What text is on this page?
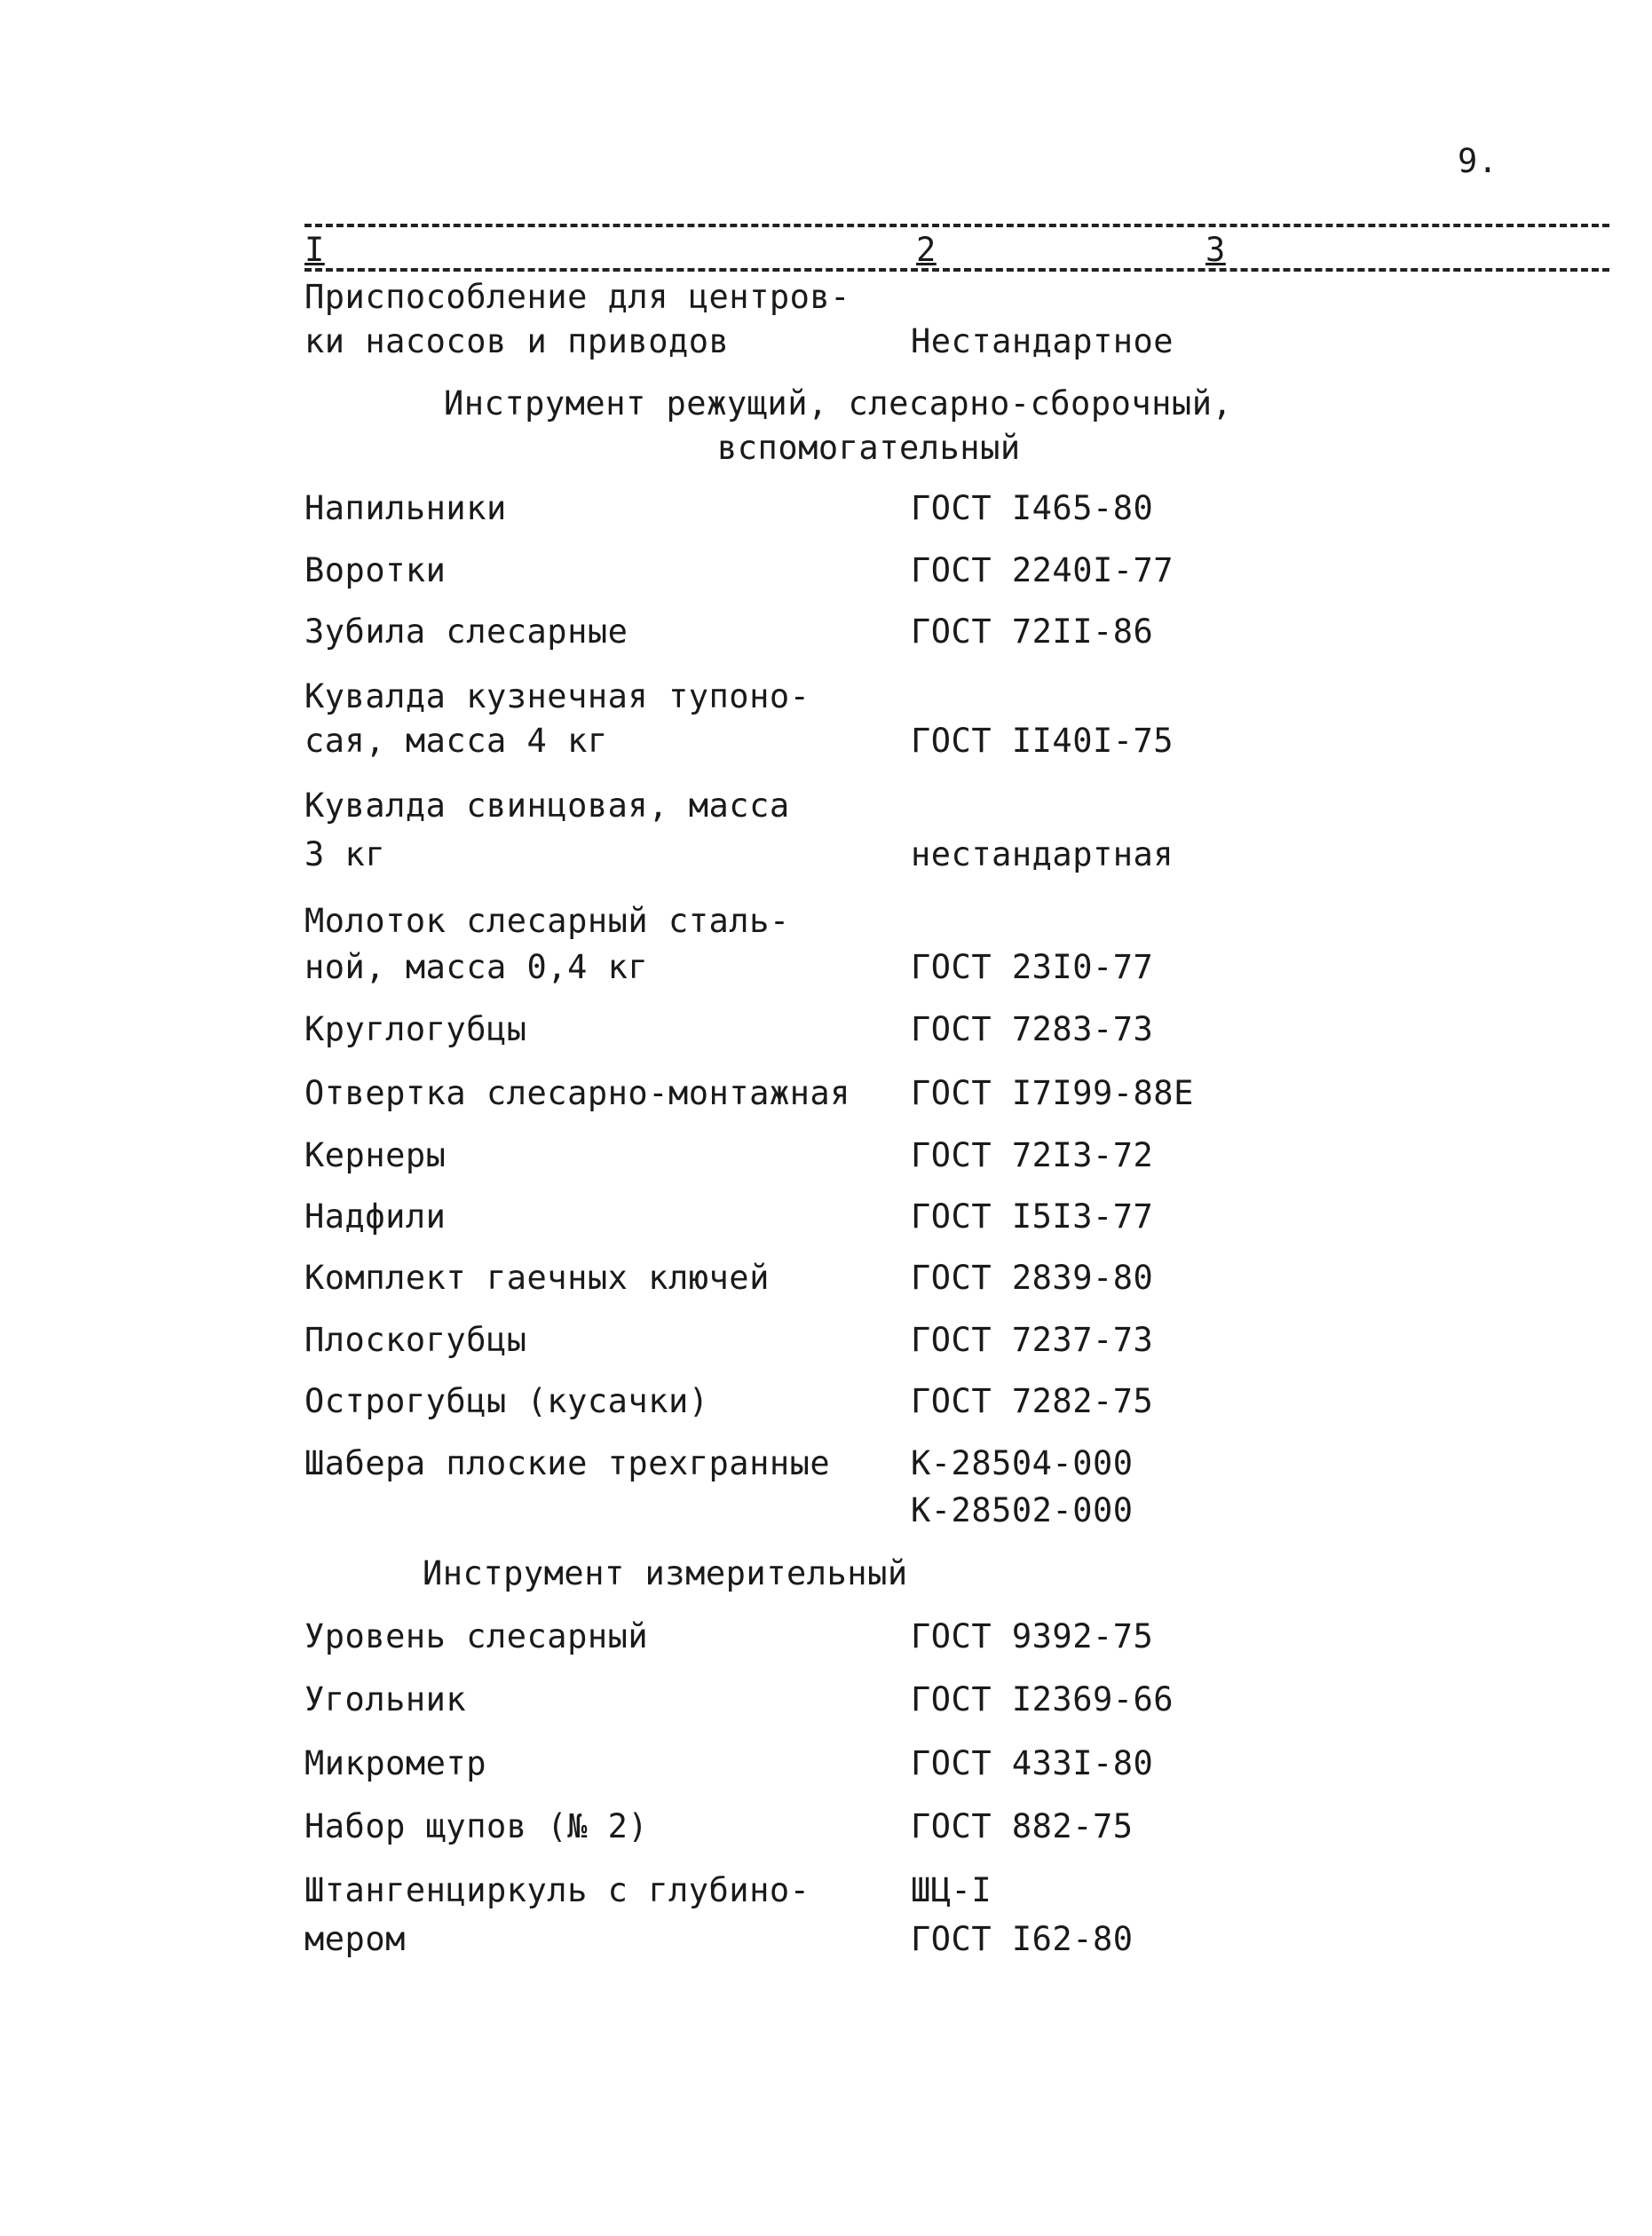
9.
I	2	3
Приспособление для центров-
ки насосов и приводов	Нестандартное
Инструмент режущий, слесарно-сборочный,
вспомогательный
Напильники	ГОСТ I465-80
Воротки	ГОСТ 2240I-77
Зубила слесарные	ГОСТ 72II-86
Кувалда кузнечная тупоно-
сая, масса 4 кг	ГОСТ II40I-75
Кувалда свинцовая, масса
3 кг	нестандартная
Молоток слесарный сталь-
ной, масса 0,4 кг	ГОСТ 23I0-77
Круглогубцы	ГОСТ 7283-73
Отвертка слесарно-монтажная ГОСТ I7I99-88Е
Кернеры	ГОСТ 72I3-72
Надфили	ГОСТ I5I3-77
Комплект гаечных ключей	ГОСТ 2839-80
Плоскогубцы	ГОСТ 7237-73
Острогубцы (кусачки)	ГОСТ 7282-75
Шабера плоские трехгранные К-28504-000
К-28502-000
Инструмент измерительный
Уровень слесарный	ГОСТ 9392-75
Угольник	ГОСТ I2369-66
Микрометр	ГОСТ 433I-80
Набор щупов (№ 2)	ГОСТ 882-75
Штангенциркуль с глубино-	ШЦ-I
мером	ГОСТ I62-80
